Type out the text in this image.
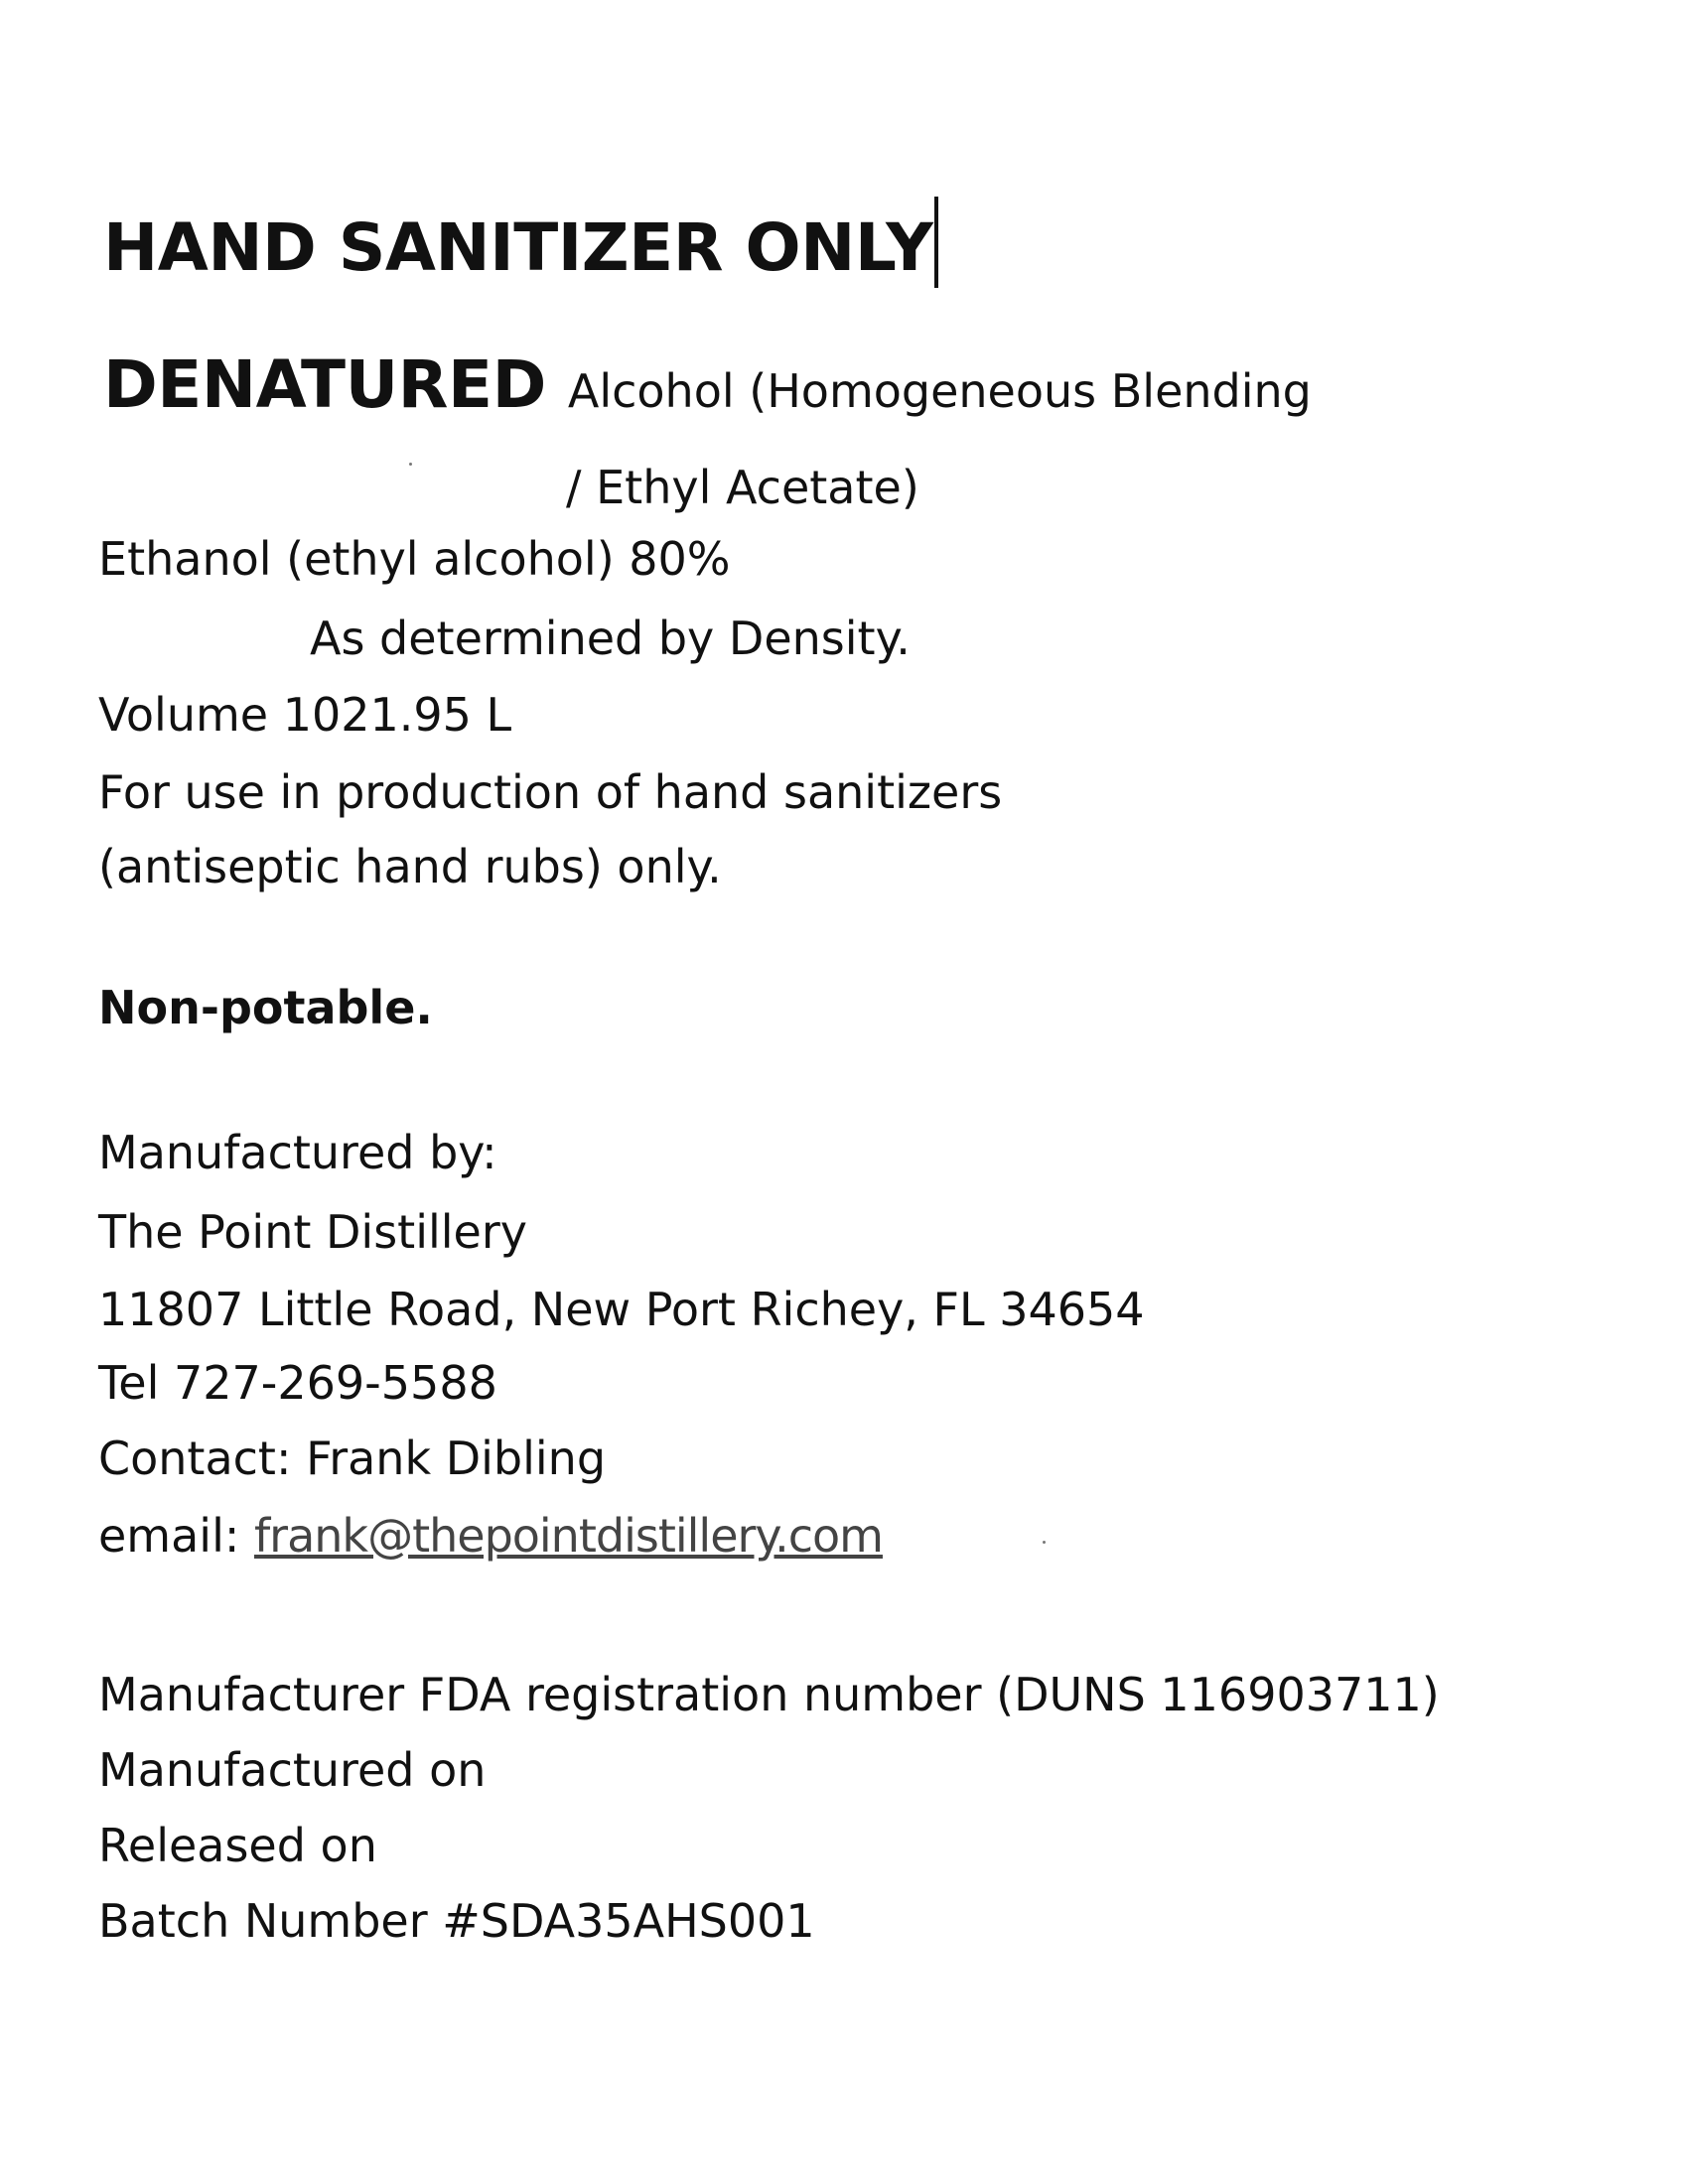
HAND SANITIZER ONLY
DENATURED Alcohol (Homogeneous Blending
/ Ethyl Acetate)
Ethanol (ethyl alcohol) 80%
As determined by Density.
Volume 1021.95 L
For use in production of hand sanitizers
(antiseptic hand rubs) only.
Non-potable.
Manufactured by:
The Point Distillery
11807 Little Road, New Port Richey, FL 34654
Tel 727-269-5588
Contact: Frank Dibling
email: frank@thepointdistillery.com
Manufacturer FDA registration number (DUNS 116903711)
Manufactured on
Released on
Batch Number #SDA35AHS001
